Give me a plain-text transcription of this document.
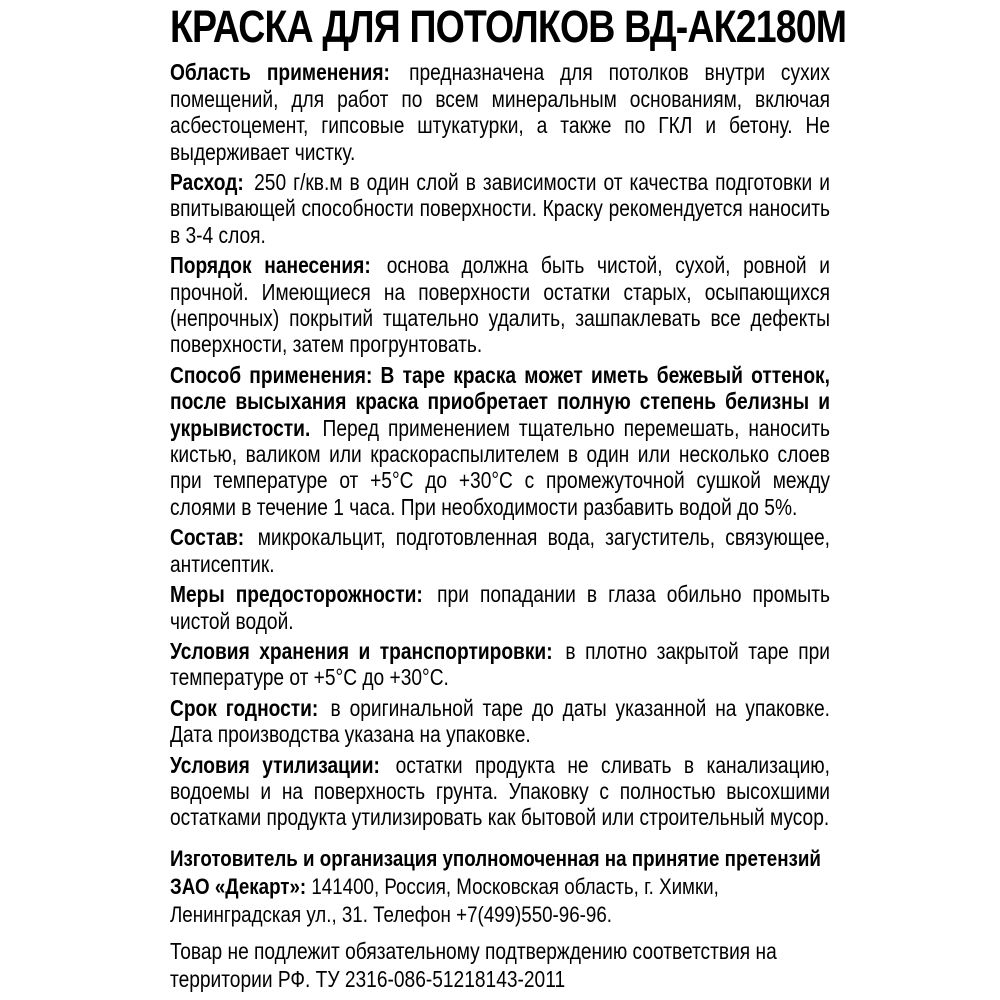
КРАСКА ДЛЯ ПОТОЛКОВ ВД-АК2180М

Область применения: предназначена для потолков внутри сухих помещений, для работ по всем минеральным основаниям, включая асбестоцемент, гипсовые штукатурки, а также по ГКЛ и бетону. Не выдерживает чистку.

Расход: 250 г/кв.м в один слой в зависимости от качества подготовки и впитывающей способности поверхности. Краску рекомендуется наносить в 3-4 слоя.

Порядок нанесения: основа должна быть чистой, сухой, ровной и прочной. Имеющиеся на поверхности остатки старых, осыпающихся (непрочных) покрытий тщательно удалить, зашпаклевать все дефекты поверхности, затем прогрунтовать.

Способ применения: В таре краска может иметь бежевый оттенок, после высыхания краска приобретает полную степень белизны и укрывистости. Перед применением тщательно перемешать, наносить кистью, валиком или краскораспылителем в один или несколько слоев при температуре от +5°С до +30°С с промежуточной сушкой между слоями в течение 1 часа. При необходимости разбавить водой до 5%.

Состав: микрокальцит, подготовленная вода, загуститель, связующее, антисептик.

Меры предосторожности: при попадании в глаза обильно промыть чистой водой.

Условия хранения и транспортировки: в плотно закрытой таре при температуре от +5°С до +30°С.

Срок годности: в оригинальной таре до даты указанной на упаковке. Дата производства указана на упаковке.

Условия утилизации: остатки продукта не сливать в канализацию, водоемы и на поверхность грунта. Упаковку с полностью высохшими остатками продукта утилизировать как бытовой или строительный мусор.

Изготовитель и организация уполномоченная на принятие претензий
ЗАО «Декарт»: 141400, Россия, Московская область, г. Химки,
Ленинградская ул., 31. Телефон +7(499)550-96-96.

Товар не подлежит обязательному подтверждению соответствия на территории РФ. ТУ 2316-086-51218143-2011
